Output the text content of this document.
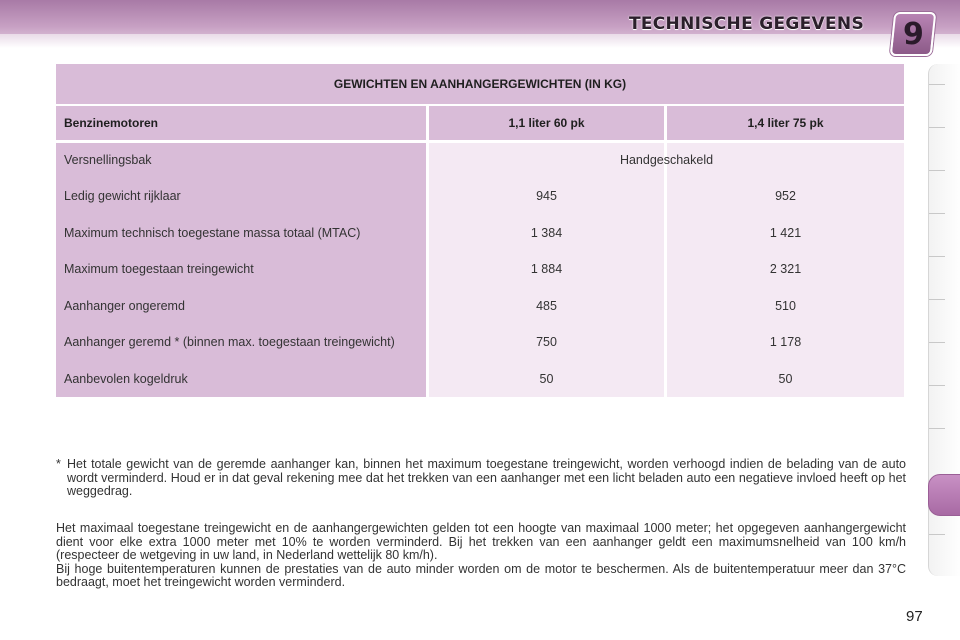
TECHNISCHE GEGEVENS 9
GEWICHTEN EN AANHANGERGEWICHTEN (IN KG)
Benzinemotoren	1,1 liter 60 pk	1,4 liter 75 pk
Versnellingsbak	Handgeschakeld
Ledig gewicht rijklaar	945	952
Maximum technisch toegestane massa totaal (MTAC)	1 384	1 421
Maximum toegestaan treingewicht	1 884	2 321
Aanhanger ongeremd	485	510
Aanhanger geremd * (binnen max. toegestaan treingewicht)	750	1 178
Aanbevolen kogeldruk	50	50
* Het totale gewicht van de geremde aanhanger kan, binnen het maximum toegestane treingewicht, worden verhoogd indien de belading van de auto wordt verminderd. Houd er in dat geval rekening mee dat het trekken van een aanhanger met een licht beladen auto een negatieve invloed heeft op het weggedrag.

Het maximaal toegestane treingewicht en de aanhangergewichten gelden tot een hoogte van maximaal 1000 meter; het opgegeven aanhangergewicht dient voor elke extra 1000 meter met 10% te worden verminderd. Bij het trekken van een aanhanger geldt een maximumsnelheid van 100 km/h (respecteer de wetgeving in uw land, in Nederland wettelijk 80 km/h).

Bij hoge buitentemperaturen kunnen de prestaties van de auto minder worden om de motor te beschermen. Als de buitentemperatuur meer dan 37°C bedraagt, moet het treingewicht worden verminderd.

97
